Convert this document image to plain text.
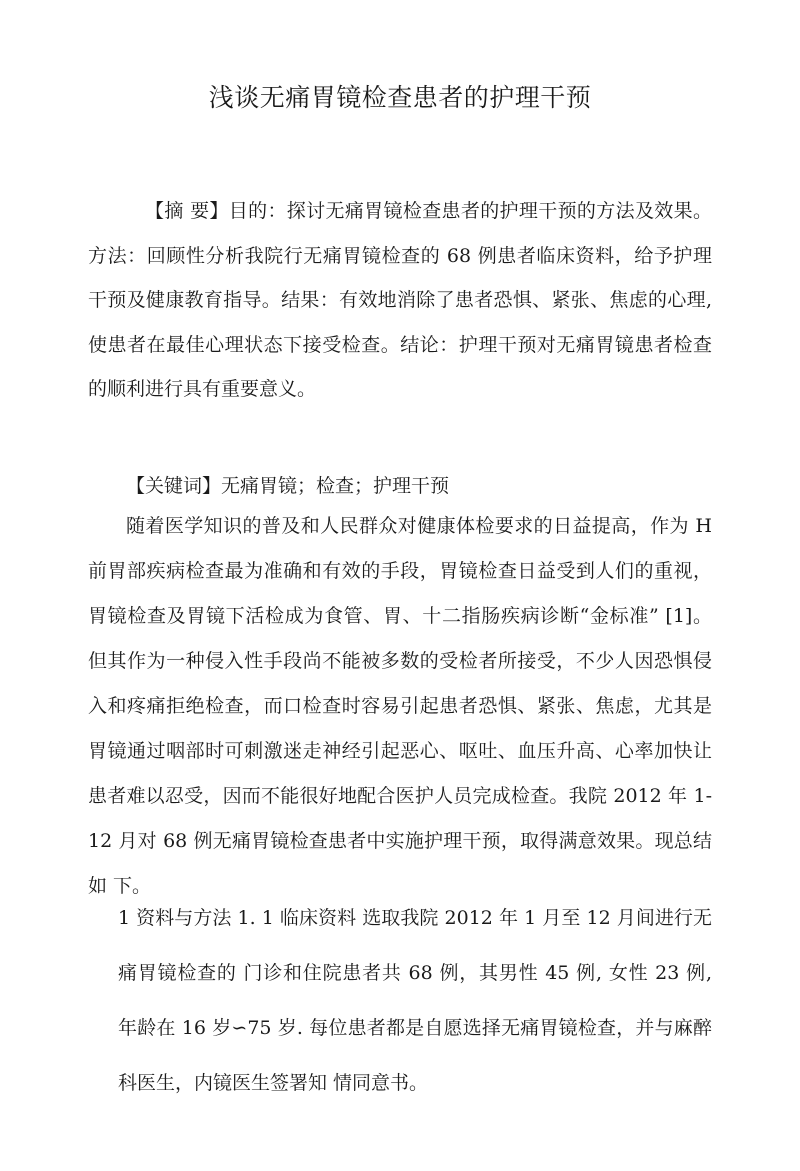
浅谈无痛胃镜检查患者的护理干预

【摘 要】目的：探讨无痛胃镜检查患者的护理干预的方法及效果。 方法：回顾性分析我院行无痛胃镜检查的 68 例患者临床资料，给予护理 干预及健康教育指导。结果：有效地消除了患者恐惧、紧张、焦虑的心理, 使患者在最佳心理状态下接受检查。结论：护理干预对无痛胃镜患者检查 的顺利进行具有重要意义。

【关键词】无痛胃镜；检查；护理干预

随着医学知识的普及和人民群众对健康体检要求的日益提高，作为 H 前胃部疾病检查最为准确和有效的手段，胃镜检查日益受到人们的重视， 胃镜检查及胃镜下活检成为食管、胃、十二指肠疾病诊断“金标准” [1]。 但其作为一种侵入性手段尚不能被多数的受检者所接受，不少人因恐惧侵 入和疼痛拒绝检查，而口检查时容易引起患者恐惧、紧张、焦虑，尤其是 胃镜通过咽部时可刺激迷走神经引起恶心、呕吐、血压升高、心率加快让 患者难以忍受，因而不能很好地配合医护人员完成检查。我院 2012 年 1-12 月对 68 例无痛胃镜检查患者中实施护理干预，取得满意效果。现总结如 下。

1 资料与方法 1. 1 临床资料 选取我院 2012 年 1 月至 12 月间进行无痛胃镜检查的 门诊和住院患者共 68 例，其男性 45 例, 女性 23 例, 年龄在 16 岁∽75 岁. 每位患者都是自愿选择无痛胃镜检查，并与麻醉科医生，内镜医生签署知 情同意书。
